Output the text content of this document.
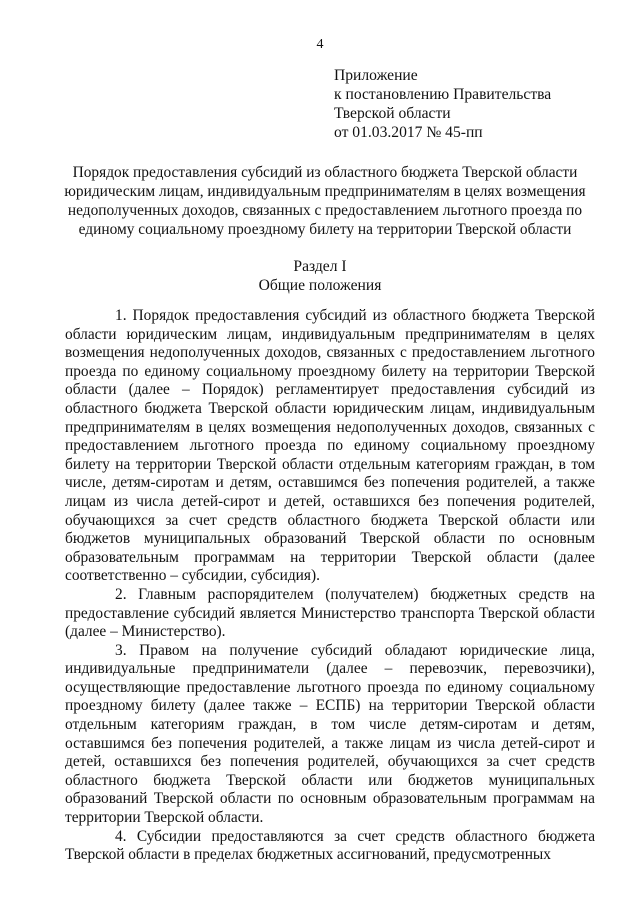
4
Приложение
к постановлению Правительства
Тверской области
от 01.03.2017 № 45-пп
Порядок предоставления субсидий из областного бюджета Тверской области
юридическим лицам, индивидуальным предпринимателям в целях возмещения
недополученных доходов, связанных с предоставлением льготного проезда по
единому социальному проездному билету на территории Тверской области
Раздел I
Общие положения

1. Порядок предоставления субсидий из областного бюджета Тверской области юридическим лицам, индивидуальным предпринимателям в целях возмещения недополученных доходов, связанных с предоставлением льготного проезда по единому социальному проездному билету на территории Тверской области (далее – Порядок) регламентирует предоставления субсидий из областного бюджета Тверской области юридическим лицам, индивидуальным предпринимателям в целях возмещения недополученных доходов, связанных с предоставлением льготного проезда по единому социальному проездному билету на территории Тверской области отдельным категориям граждан, в том числе, детям-сиротам и детям, оставшимся без попечения родителей, а также лицам из числа детей-сирот и детей, оставшихся без попечения родителей, обучающихся за счет средств областного бюджета Тверской области или бюджетов муниципальных образований Тверской области по основным образовательным программам на территории Тверской области (далее соответственно – субсидии, субсидия).

2. Главным распорядителем (получателем) бюджетных средств на предоставление субсидий является Министерство транспорта Тверской области (далее – Министерство).

3. Правом на получение субсидий обладают юридические лица, индивидуальные предприниматели (далее – перевозчик, перевозчики), осуществляющие предоставление льготного проезда по единому социальному проездному билету (далее также – ЕСПБ) на территории Тверской области отдельным категориям граждан, в том числе детям-сиротам и детям, оставшимся без попечения родителей, а также лицам из числа детей-сирот и детей, оставшихся без попечения родителей, обучающихся за счет средств областного бюджета Тверской области или бюджетов муниципальных образований Тверской области по основным образовательным программам на территории Тверской области.

4. Субсидии предоставляются за счет средств областного бюджета Тверской области в пределах бюджетных ассигнований, предусмотренных
